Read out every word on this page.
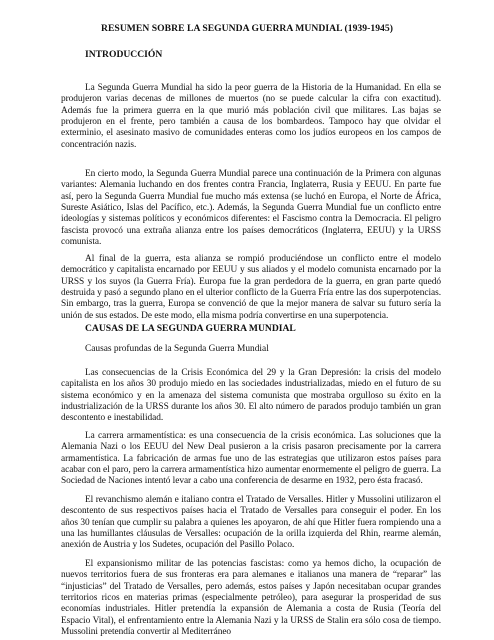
RESUMEN SOBRE LA SEGUNDA GUERRA MUNDIAL (1939-1945)
INTRODUCCIÓN

La Segunda Guerra Mundial ha sido la peor guerra de la Historia de la Humanidad. En ella se produjeron varias decenas de millones de muertos (no se puede calcular la cifra con exactitud). Además fue la primera guerra en la que murió más población civil que militares. Las bajas se produjeron en el frente, pero también a causa de los bombardeos. Tampoco hay que olvidar el exterminio, el asesinato masivo de comunidades enteras como los judíos europeos en los campos de concentración nazis.

En cierto modo, la Segunda Guerra Mundial parece una continuación de la Primera con algunas variantes: Alemania luchando en dos frentes contra Francia, Inglaterra, Rusia y EEUU. En parte fue así, pero la Segunda Guerra Mundial fue mucho más extensa (se luchó en Europa, el Norte de África, Sureste Asiático, Islas del Pacífico, etc.). Además, la Segunda Guerra Mundial fue un conflicto entre ideologías y sistemas políticos y económicos diferentes: el Fascismo contra la Democracia. El peligro fascista provocó una extraña alianza entre los países democráticos (Inglaterra, EEUU) y la URSS comunista.

Al final de la guerra, esta alianza se rompió produciéndose un conflicto entre el modelo democrático y capitalista encarnado por EEUU y sus aliados y el modelo comunista encarnado por la URSS y los suyos (la Guerra Fría). Europa fue la gran perdedora de la guerra, en gran parte quedó destruida y pasó a segundo plano en el ulterior conflicto de la Guerra Fría entre las dos superpotencias. Sin embargo, tras la guerra, Europa se convenció de que la mejor manera de salvar su futuro sería la unión de sus estados. De este modo, ella misma podría convertirse en una superpotencia.

CAUSAS DE LA SEGUNDA GUERRA MUNDIAL

Causas profundas de la Segunda Guerra Mundial

Las consecuencias de la Crisis Económica del 29 y la Gran Depresión: la crisis del modelo capitalista en los años 30 produjo miedo en las sociedades industrializadas, miedo en el futuro de su sistema económico y en la amenaza del sistema comunista que mostraba orgulloso su éxito en la industrialización de la URSS durante los años 30. El alto número de parados produjo también un gran descontento e inestabilidad.

La carrera armamentística: es una consecuencia de la crisis económica. Las soluciones que la Alemania Nazi o los EEUU del New Deal pusieron a la crisis pasaron precisamente por la carrera armamentística. La fabricación de armas fue uno de las estrategias que utilizaron estos países para acabar con el paro, pero la carrera armamentística hizo aumentar enormemente el peligro de guerra. La Sociedad de Naciones intentó levar a cabo una conferencia de desarme en 1932, pero ésta fracasó.

El revanchismo alemán e italiano contra el Tratado de Versalles. Hitler y Mussolini utilizaron el descontento de sus respectivos países hacia el Tratado de Versalles para conseguir el poder. En los años 30 tenían que cumplir su palabra a quienes les apoyaron, de ahí que Hitler fuera rompiendo una a una las humillantes cláusulas de Versalles: ocupación de la orilla izquierda del Rhin, rearme alemán, anexión de Austria y los Sudetes, ocupación del Pasillo Polaco.

El expansionismo militar de las potencias fascistas: como ya hemos dicho, la ocupación de nuevos territorios fuera de sus fronteras era para alemanes e italianos una manera de “reparar” las “injusticias” del Tratado de Versalles, pero además, estos países y Japón necesitaban ocupar grandes territorios ricos en materias primas (especialmente petróleo), para asegurar la prosperidad de sus economías industriales. Hitler pretendía la expansión de Alemania a costa de Rusia (Teoría del Espacio Vital), el enfrentamiento entre la Alemania Nazi y la URSS de Stalin era sólo cosa de tiempo. Mussolini pretendía convertir al Mediterráneo
